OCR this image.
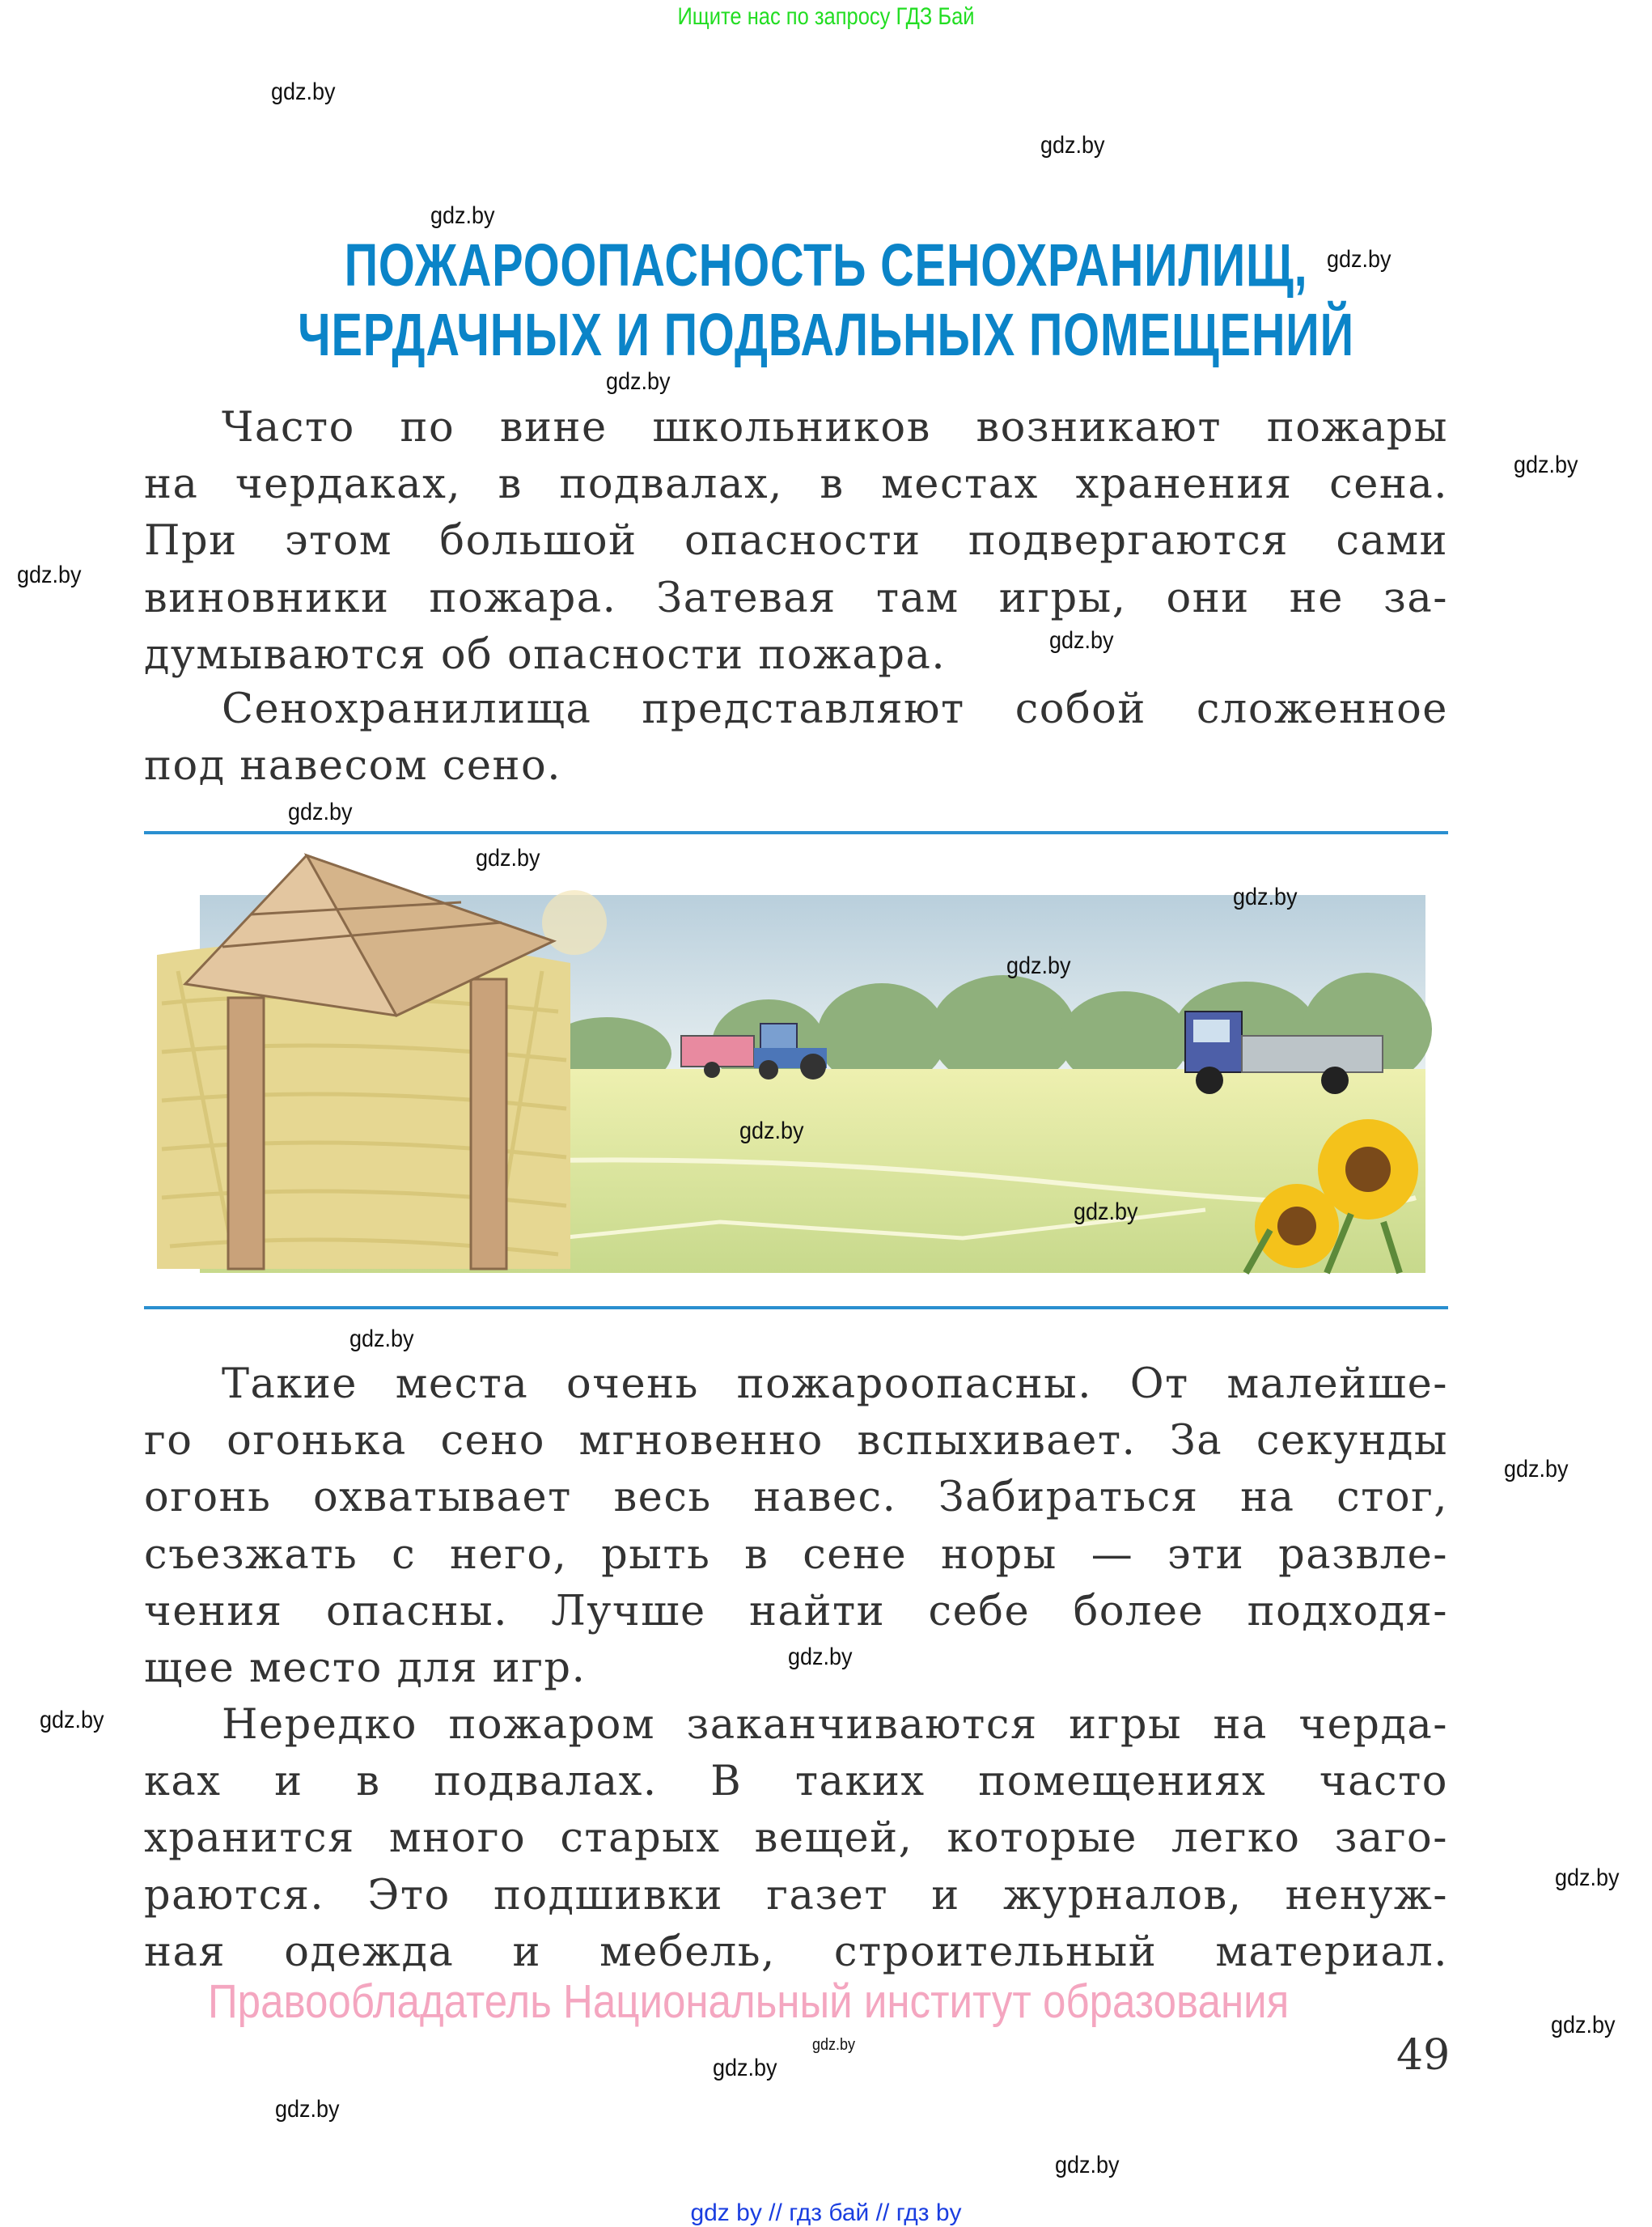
Ищите нас по запросу ГДЗ Бай
ПОЖАРООПАСНОСТЬ СЕНОХРАНИЛИЩ,
ЧЕРДАЧНЫХ И ПОДВАЛЬНЫХ ПОМЕЩЕНИЙ
Часто по вине школьников возникают пожары
на чердаках, в подвалах, в местах хранения сена.
При этом большой опасности подвергаются сами
виновники пожара. Затевая там игры, они не за-
думываются об опасности пожара.
Сенохранилища представляют собой сложенное
под навесом сено.
Такие места очень пожароопасны. От малейше-
го огонька сено мгновенно вспыхивает. За секунды
огонь охватывает весь навес. Забираться на стог,
съезжать с него, рыть в сене норы — эти развле-
чения опасны. Лучше найти себе более подходя-
щее место для игр.
Нередко пожаром заканчиваются игры на черда-
ках и в подвалах. В таких помещениях часто
хранится много старых вещей, которые легко заго-
раются. Это подшивки газет и журналов, ненуж-
ная одежда и мебель, строительный материал.
gdz.by
gdz.by
gdz.by
gdz.by
gdz.by
gdz.by
gdz.by
gdz.by
gdz.by
gdz.by
gdz.by
gdz.by
gdz.by
gdz.by
gdz.by
gdz.by
gdz.by
gdz.by
gdz.by
gdz.by
gdz.by
gdz.by
gdz.by
gdz.by
Правообладатель Национальный институт образования
49
gdz by // гдз бай // гдз by
